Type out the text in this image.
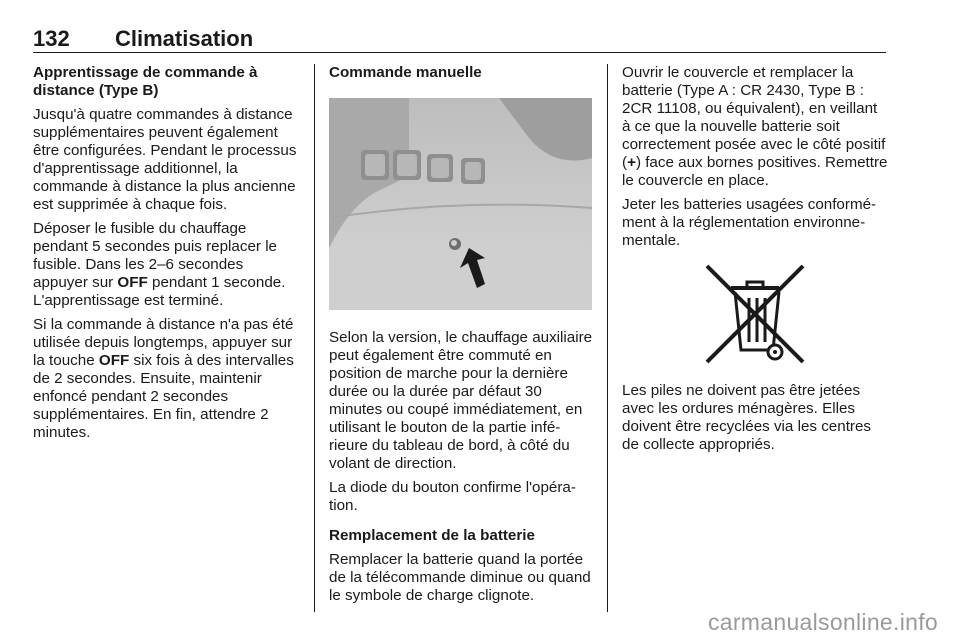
132 Climatisation

Apprentissage de commande à distance (Type B)

Jusqu'à quatre commandes à distance supplémentaires peuvent également être configurées. Pendant le processus d'apprentissage additionnel, la commande à distance la plus ancienne est supprimée à chaque fois.

Déposer le fusible du chauffage pendant 5 secondes puis replacer le fusible. Dans les 2–6 secondes appuyer sur OFF pendant 1 seconde. L'apprentissage est terminé.

Si la commande à distance n'a pas été utilisée depuis longtemps, appuyer sur la touche OFF six fois à des intervalles de 2 secondes. Ensuite, maintenir enfoncé pendant 2 secondes supplémentaires. En fin, attendre 2 minutes.

Commande manuelle

Selon la version, le chauffage auxiliaire peut également être commuté en position de marche pour la dernière durée ou la durée par défaut 30 minutes ou coupé immédiatement, en utilisant le bouton de la partie inférieure du tableau de bord, à côté du volant de direction.

La diode du bouton confirme l'opération.

Remplacement de la batterie

Remplacer la batterie quand la portée de la télécommande diminue ou quand le symbole de charge clignote.

Ouvrir le couvercle et remplacer la batterie (Type A : CR 2430, Type B : 2CR 11108, ou équivalent), en veillant à ce que la nouvelle batterie soit correctement posée avec le côté positif (+) face aux bornes positives. Remettre le couvercle en place.

Jeter les batteries usagées conformément à la réglementation environnementale.

Les piles ne doivent pas être jetées avec les ordures ménagères. Elles doivent être recyclées via les centres de collecte appropriés.

carmanualsonline.info
